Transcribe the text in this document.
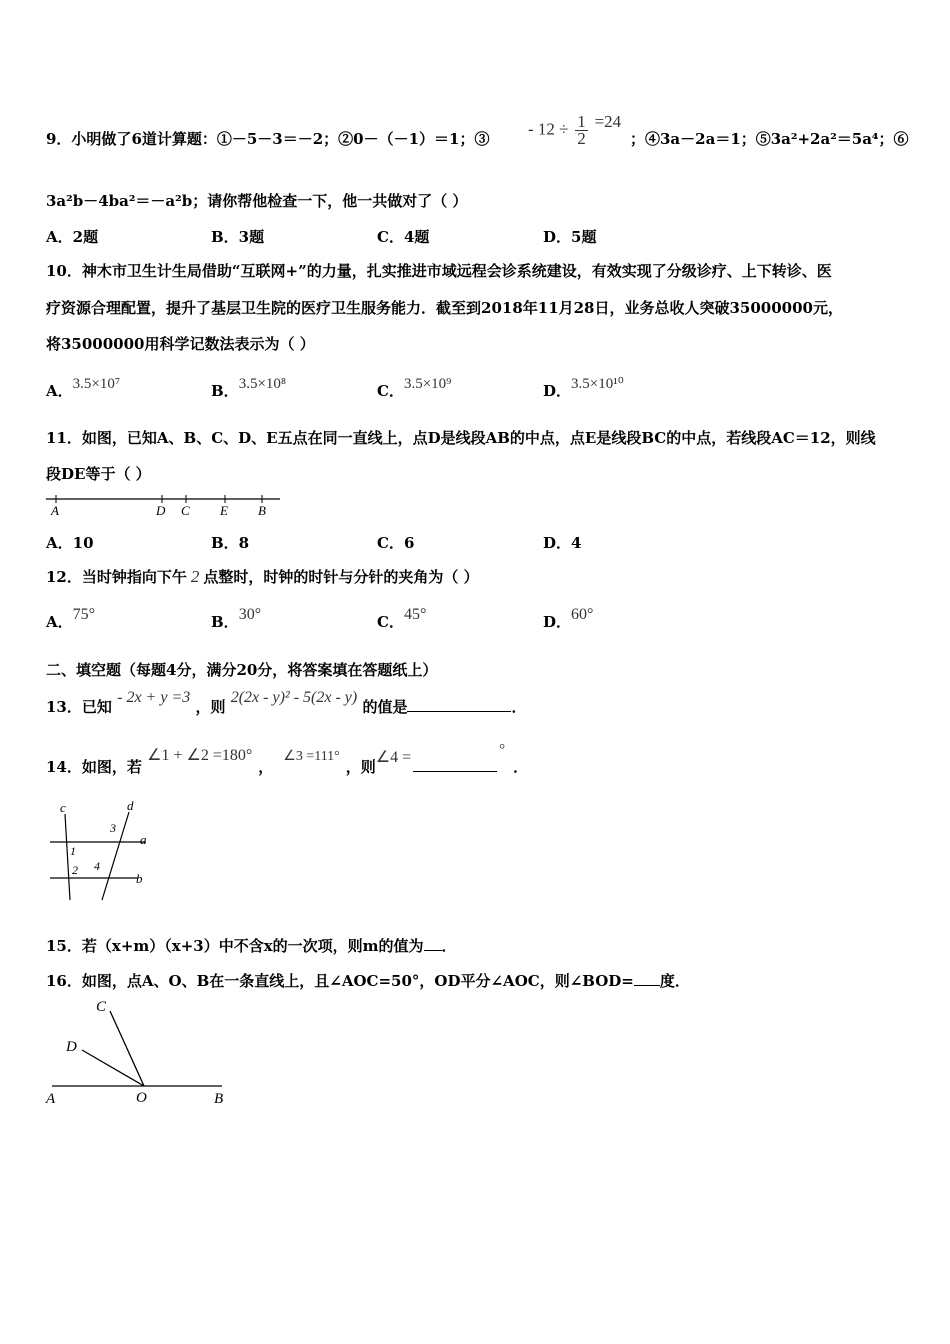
9．小明做了6道计算题：①－5－3＝－2；②0－（－1）＝1；③
- $12 \div \frac{1}{2} =24$
；④3a－2a＝1；⑤3a²+2a²＝5a⁴；⑥
3a²b－4ba²＝－a²b；请你帮他检查一下，他一共做对了（ ）
A．2题	B．3题	C．4题	D．5题
10．神木市卫生计生局借助“互联网+”的力量，扎实推进市域远程会诊系统建设，有效实现了分级诊疗、上下转诊、医
疗资源合理配置，提升了基层卫生院的医疗卫生服务能力．截至到2018年11月28日，业务总收人突破35000000元，
将35000000用科学记数法表示为（ ）
A．3.5×10⁷	B．3.5×10⁸	C．3.5×10⁹	D．3.5×10¹⁰
11．如图，已知A、B、C、D、E五点在同一直线上，点D是线段AB的中点，点E是线段BC的中点，若线段AC＝12，则线
段DE等于（ ）
A	D C E B
A．10	B．8	C．6	D．4
12．当时钟指向下午 2 点整时，时钟的时针与分针的夹角为（ ）
A．75°	B．30°	C．45°	D．60°
二、填空题（每题4分，满分20分，将答案填在答题纸上）
13．已知 - 2x + y =3 ，则 2(2x - y)² - 5(2x - y) 的值是	．
14．如图，若 ∠1 + ∠2 =180°，∠3 =111°，则∠4 =	°．
c	d
3
a
1
2 4
b
15．若（x+m）（x+3）中不含x的一次项，则m的值为 ．
16．如图，点A、O、B在一条直线上，且∠AOC=50°，OD平分∠AOC，则∠BOD= 度．
C
D
A	O	B
